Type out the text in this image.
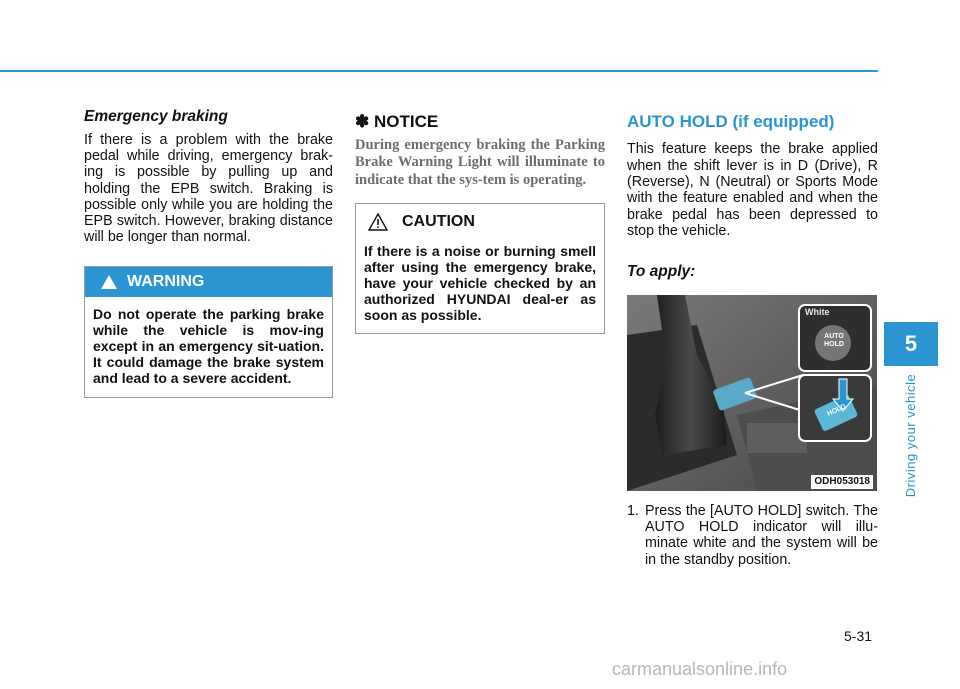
5
Driving your vehicle
Emergency braking

If there is a problem with the brake pedal while driving, emergency brak-ing is possible by pulling up and holding the EPB switch. Braking is possible only while you are holding the EPB switch. However, braking distance will be longer than normal.

WARNING
Do not operate the parking brake while the vehicle is mov-ing except in an emergency sit-uation. It could damage the brake system and lead to a severe accident.
✽ NOTICE

During emergency braking the Parking Brake Warning Light will illuminate to indicate that the sys-tem is operating.

CAUTION
If there is a noise or burning smell after using the emergency brake, have your vehicle checked by an authorized HYUNDAI deal-er as soon as possible.
AUTO HOLD (if equipped)

This feature keeps the brake applied when the shift lever is in D (Drive), R (Reverse), N (Neutral) or Sports Mode with the feature enabled and when the brake pedal has been depressed to stop the vehicle.

To apply:
White
AUTO HOLD
HOLD
ODH053018
1. Press the [AUTO HOLD] switch. The AUTO HOLD indicator will illu-minate white and the system will be in the standby position.
5-31
carmanualsonline.info
